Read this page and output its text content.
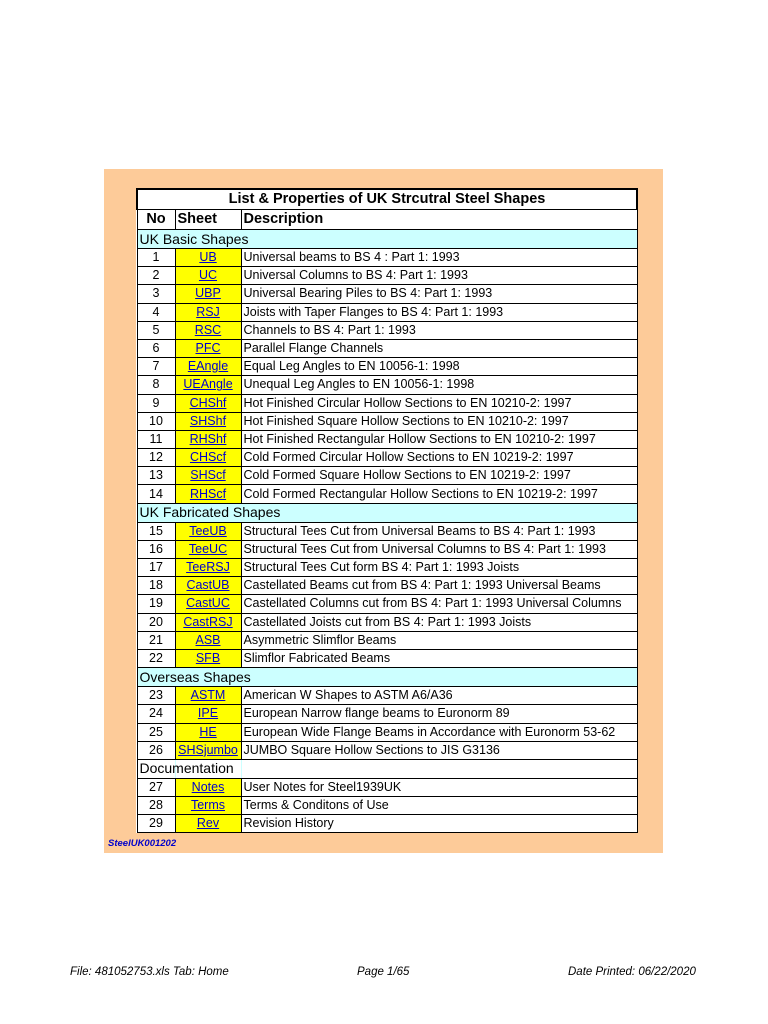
List & Properties of UK Strcutral Steel Shapes		
No	Sheet	Description
UK Basic Shapes		
1	UB	Universal beams to BS 4 : Part 1: 1993
2	UC	Universal Columns to BS 4: Part 1: 1993
3	UBP	Universal Bearing Piles to BS 4: Part 1: 1993
4	RSJ	Joists with Taper Flanges to BS 4: Part 1: 1993
5	RSC	Channels to BS 4: Part 1: 1993
6	PFC	Parallel Flange Channels
7	EAngle	Equal Leg Angles to EN 10056-1: 1998
8	UEAngle	Unequal Leg Angles to EN 10056-1: 1998
9	CHShf	Hot Finished Circular Hollow Sections to EN 10210-2: 1997
10	SHShf	Hot Finished Square Hollow Sections to EN 10210-2: 1997
11	RHShf	Hot Finished Rectangular Hollow Sections to EN 10210-2: 1997
12	CHScf	Cold Formed Circular Hollow Sections to EN 10219-2: 1997
13	SHScf	Cold Formed Square Hollow Sections to EN 10219-2: 1997
14	RHScf	Cold Formed Rectangular Hollow Sections to EN 10219-2: 1997
UK Fabricated Shapes		
15	TeeUB	Structural Tees Cut from Universal Beams to BS 4: Part 1: 1993
16	TeeUC	Structural Tees Cut from Universal Columns to BS 4: Part 1: 1993
17	TeeRSJ	Structural Tees Cut form BS 4: Part 1: 1993 Joists
18	CastUB	Castellated Beams cut from BS 4: Part 1: 1993 Universal Beams
19	CastUC	Castellated Columns cut from BS 4: Part 1: 1993 Universal Columns
20	CastRSJ	Castellated Joists cut from BS 4: Part 1: 1993 Joists
21	ASB	Asymmetric Slimflor Beams
22	SFB	Slimflor Fabricated Beams
Overseas Shapes		
23	ASTM	American W Shapes to ASTM A6/A36
24	IPE	European Narrow flange beams to Euronorm 89
25	HE	European Wide Flange Beams in Accordance with Euronorm 53-62
26	SHSjumbo	JUMBO Square Hollow Sections to JIS G3136
Documentation		
27	Notes	User Notes for Steel1939UK
28	Terms	Terms & Conditons of Use
29	Rev	Revision History
SteelUK001202
File: 481052753.xls Tab: Home	Page 1/65	Date Printed: 06/22/2020
